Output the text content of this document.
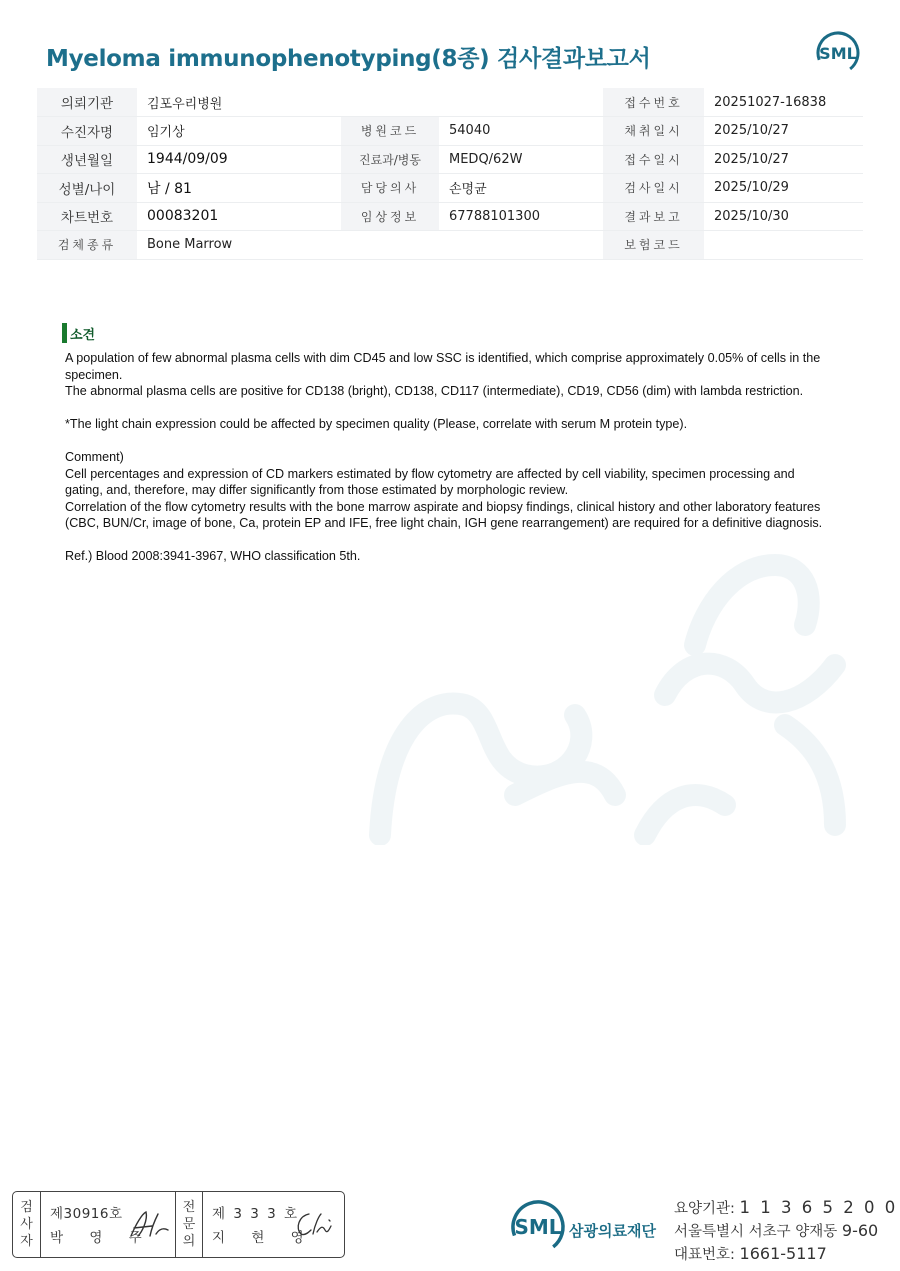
Myeloma immunophenotyping(8종) 검사결과보고서	SML
의뢰기관	김포우리병원			접수번호	20251027-16838
수진자명	임기상	병원코드	54040	채취일시	2025/10/27
생년월일	1944/09/09	진료과/병동	MEDQ/62W	접수일시	2025/10/27
성별/나이	남 / 81	담당의사	손명균	검사일시	2025/10/29
차트번호	00083201	임상정보	67788101300	결과보고	2025/10/30
검체종류	Bone Marrow			보험코드	
소견

A population of few abnormal plasma cells with dim CD45 and low SSC is identified, which comprise approximately 0.05% of cells in the specimen.

The abnormal plasma cells are positive for CD138 (bright), CD138, CD117 (intermediate), CD19, CD56 (dim) with lambda restriction.

*The light chain expression could be affected by specimen quality (Please, correlate with serum M protein type).

Comment)

Cell percentages and expression of CD markers estimated by flow cytometry are affected by cell viability, specimen processing and gating, and, therefore, may differ significantly from those estimated by morphologic review.

Correlation of the flow cytometry results with the bone marrow aspirate and biopsy findings, clinical history and other laboratory features (CBC, BUN/Cr, image of bone, Ca, protein EP and IFE, free light chain, IGH gene rearrangement) are required for a definitive diagnosis.

Ref.) Blood 2008:3941-3967, WHO classification 5th.

검
사
자
제30916호
박 영 주
전
문
의
제 3 3 3 호
지 현 영	SML 삼광의료재단
요양기관: 1 1 3 6 5 2 0 0
서울특별시 서초구 양재동 9-60
대표번호: 1661-5117
